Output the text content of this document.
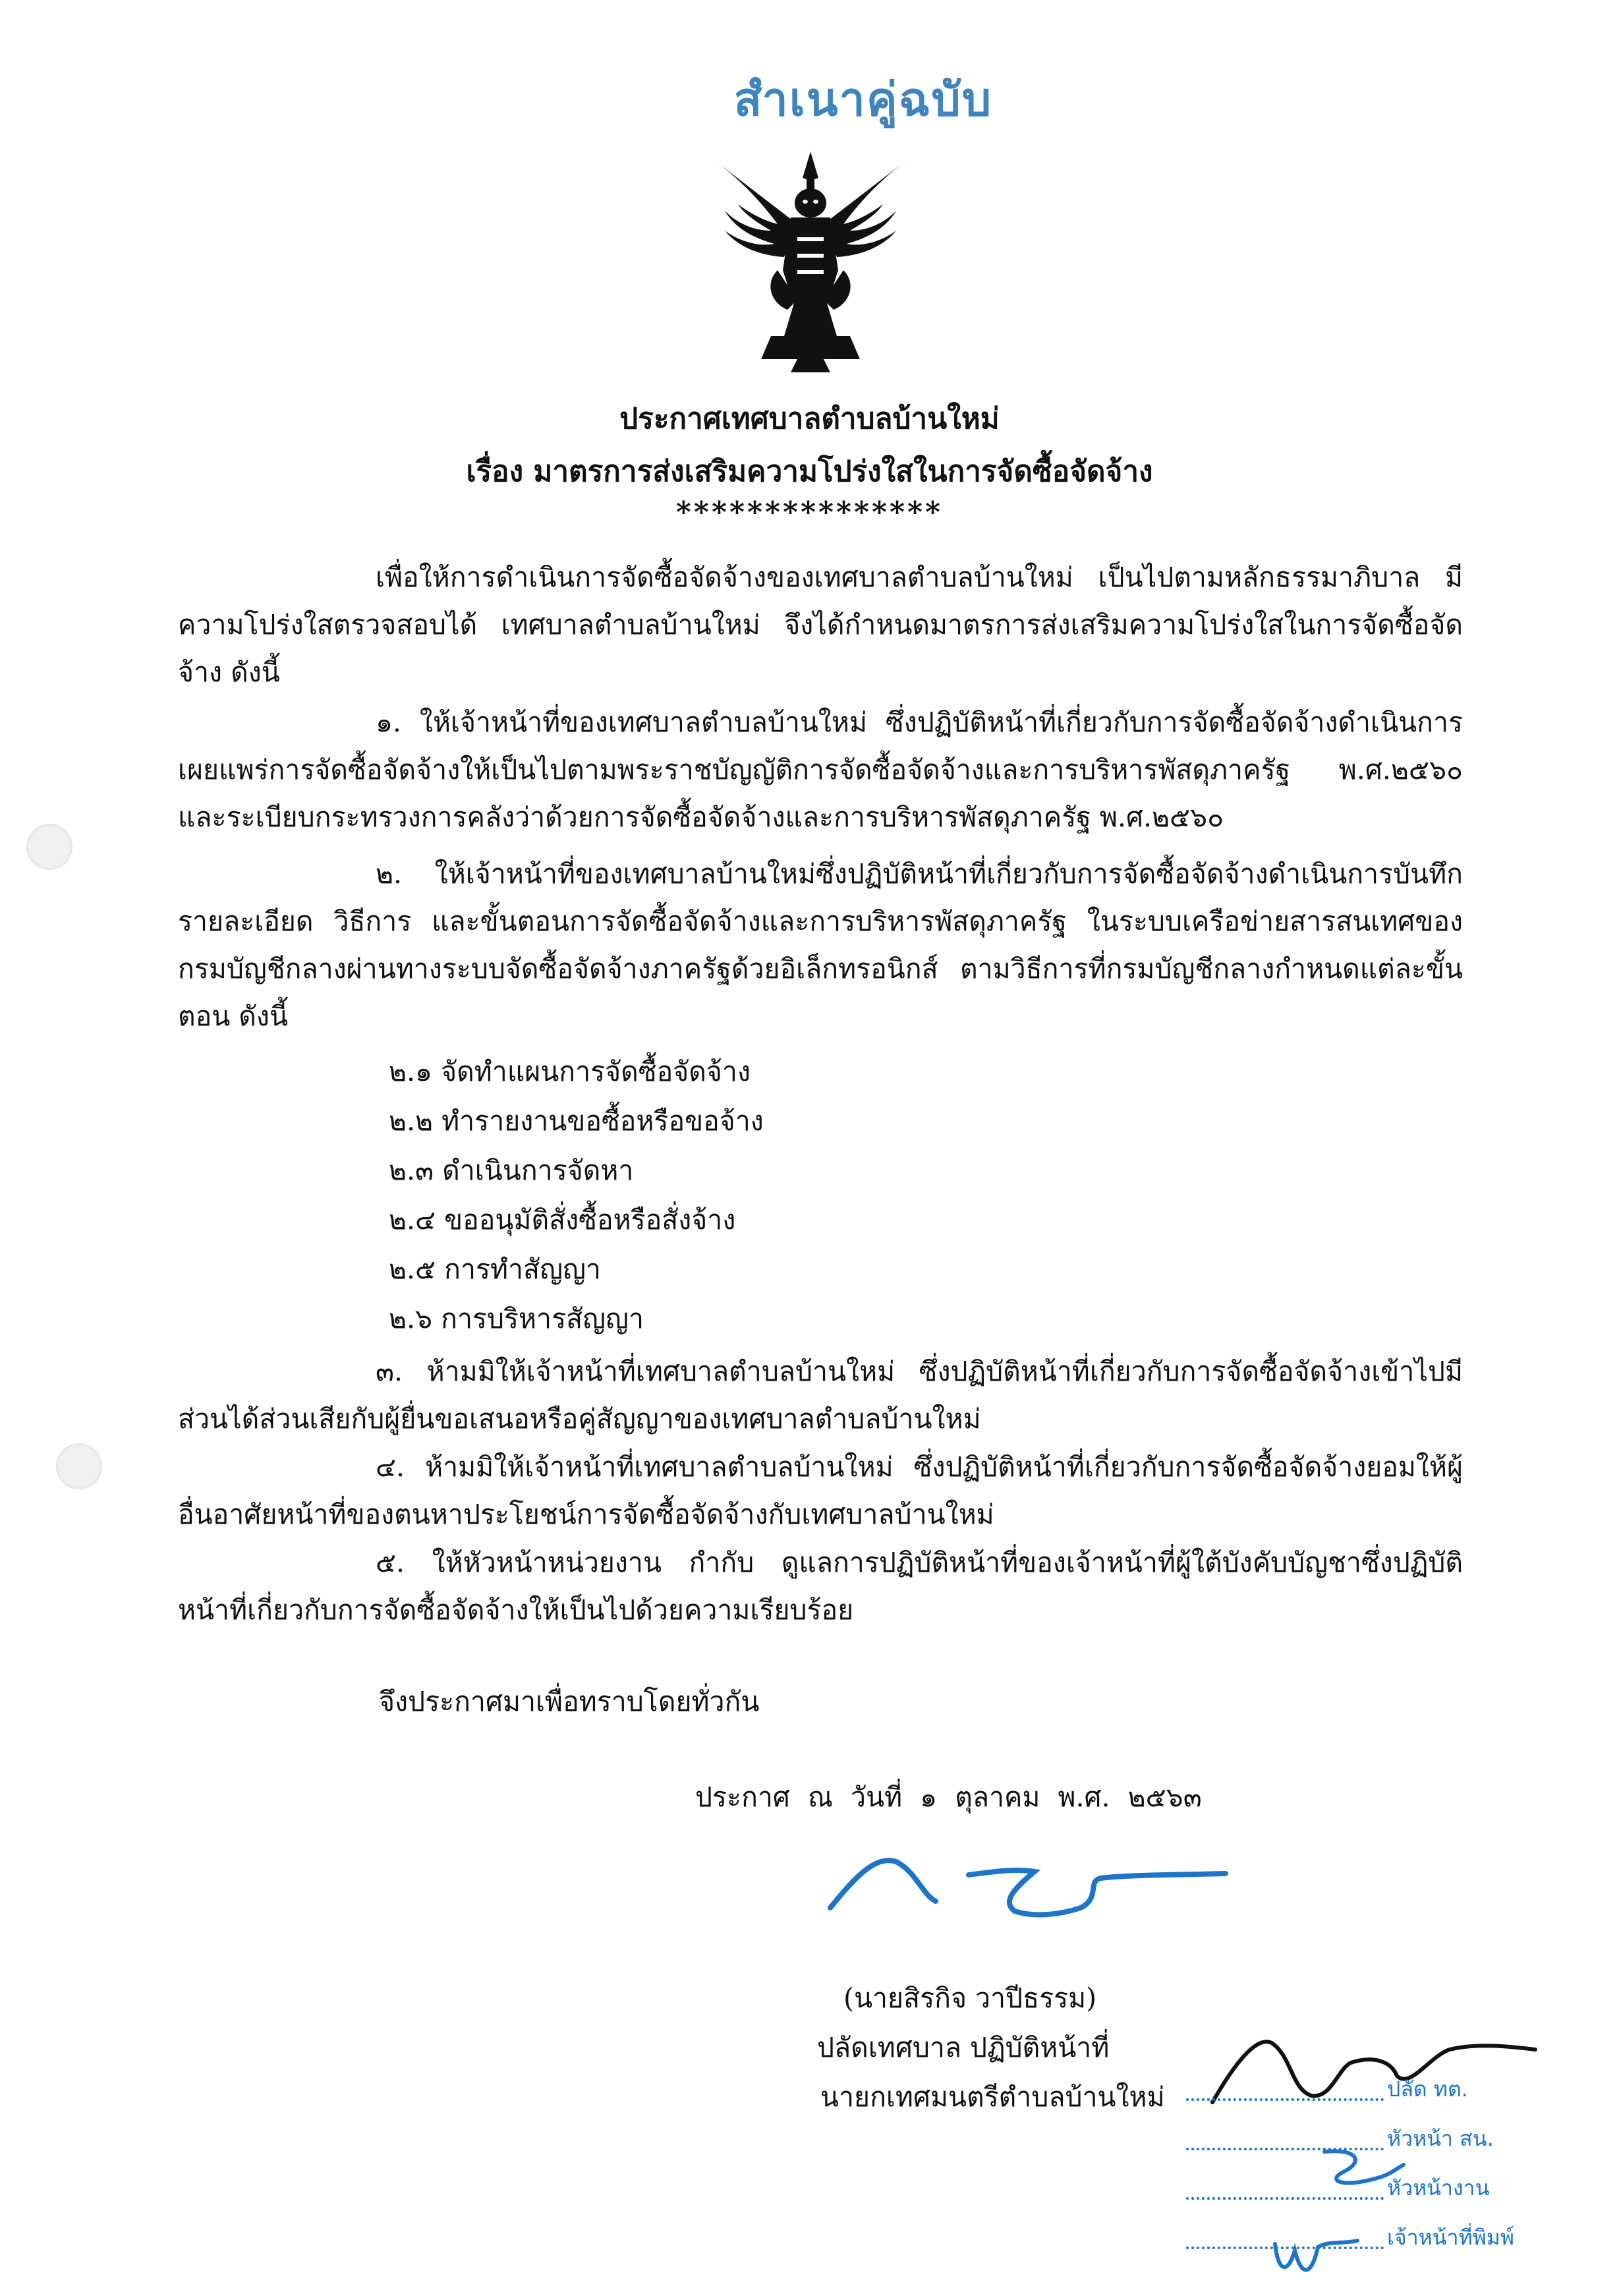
สำเนาคู่ฉบับ
ประกาศเทศบาลตำบลบ้านใหม่
เรื่อง มาตรการส่งเสริมความโปร่งใสในการจัดซื้อจัดจ้าง
***************

เพื่อให้การดำเนินการจัดซื้อจัดจ้างของเทศบาลตำบลบ้านใหม่ เป็นไปตามหลักธรรมาภิบาล มีความโปร่งใสตรวจสอบได้ เทศบาลตำบลบ้านใหม่ จึงได้กำหนดมาตรการส่งเสริมความโปร่งใสในการจัดซื้อจัดจ้าง ดังนี้

๑. ให้เจ้าหน้าที่ของเทศบาลตำบลบ้านใหม่ ซึ่งปฏิบัติหน้าที่เกี่ยวกับการจัดซื้อจัดจ้างดำเนินการเผยแพร่การจัดซื้อจัดจ้างให้เป็นไปตามพระราชบัญญัติการจัดซื้อจัดจ้างและการบริหารพัสดุภาครัฐ พ.ศ.๒๕๖๐ และระเบียบกระทรวงการคลังว่าด้วยการจัดซื้อจัดจ้างและการบริหารพัสดุภาครัฐ พ.ศ.๒๕๖๐

๒. ให้เจ้าหน้าที่ของเทศบาลบ้านใหม่ซึ่งปฏิบัติหน้าที่เกี่ยวกับการจัดซื้อจัดจ้างดำเนินการบันทึกรายละเอียด วิธีการ และขั้นตอนการจัดซื้อจัดจ้างและการบริหารพัสดุภาครัฐ ในระบบเครือข่ายสารสนเทศของกรมบัญชีกลางผ่านทางระบบจัดซื้อจัดจ้างภาครัฐด้วยอิเล็กทรอนิกส์ ตามวิธีการที่กรมบัญชีกลางกำหนดแต่ละขั้นตอน ดังนี้

๒.๑ จัดทำแผนการจัดซื้อจัดจ้าง
๒.๒ ทำรายงานขอซื้อหรือขอจ้าง
๒.๓ ดำเนินการจัดหา
๒.๔ ขออนุมัติสั่งซื้อหรือสั่งจ้าง
๒.๕ การทำสัญญา
๒.๖ การบริหารสัญญา

๓. ห้ามมิให้เจ้าหน้าที่เทศบาลตำบลบ้านใหม่ ซึ่งปฏิบัติหน้าที่เกี่ยวกับการจัดซื้อจัดจ้างเข้าไปมีส่วนได้ส่วนเสียกับผู้ยื่นขอเสนอหรือคู่สัญญาของเทศบาลตำบลบ้านใหม่

๔. ห้ามมิให้เจ้าหน้าที่เทศบาลตำบลบ้านใหม่ ซึ่งปฏิบัติหน้าที่เกี่ยวกับการจัดซื้อจัดจ้างยอมให้ผู้อื่นอาศัยหน้าที่ของตนหาประโยชน์การจัดซื้อจัดจ้างกับเทศบาลบ้านใหม่

๕. ให้หัวหน้าหน่วยงาน กำกับ ดูแลการปฏิบัติหน้าที่ของเจ้าหน้าที่ผู้ใต้บังคับบัญชาซึ่งปฏิบัติหน้าที่เกี่ยวกับการจัดซื้อจัดจ้างให้เป็นไปด้วยความเรียบร้อย

จึงประกาศมาเพื่อทราบโดยทั่วกัน
ประกาศ ณ วันที่ ๑ ตุลาคม พ.ศ. ๒๕๖๓
(นายสิรกิจ วาปีธรรม)
ปลัดเทศบาล ปฏิบัติหน้าที่
นายกเทศมนตรีตำบลบ้านใหม่	ปลัด ทต.
หัวหน้า สน.
หัวหน้างาน
เจ้าหน้าที่พิมพ์
